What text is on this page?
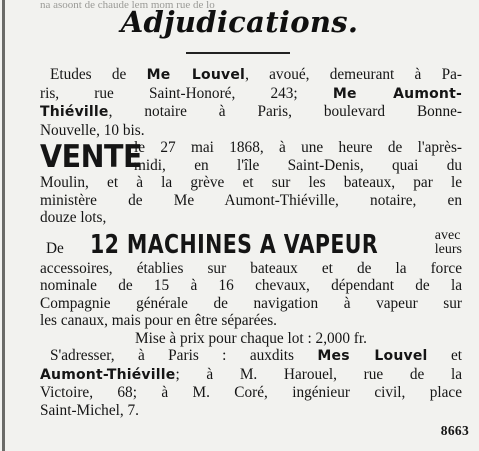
na asoont de chaude lem mom rue de lo
Adjudications.
Etudes de Me Louvel, avoué, demeurant à Pa-
ris, rue Saint-Honoré, 243; Me Aumont-
Thiéville, notaire à Paris, boulevard Bonne-
Nouvelle, 10 bis.
VENTE
le 27 mai 1868, à une heure de l'après-
midi, en l'île Saint-Denis, quai du
Moulin, et à la grève et sur les bateaux, par le
ministère de Me Aumont-Thiéville, notaire, en
douze lots,
De 12 MACHINES A VAPEUR	avec
leurs
accessoires, établies sur bateaux et de la force
nominale de 15 à 16 chevaux, dépendant de la
Compagnie générale de navigation à vapeur sur
les canaux, mais pour en être séparées.
Mise à prix pour chaque lot : 2,000 fr.
S'adresser, à Paris : auxdits Mes Louvel et
Aumont-Thiéville; à M. Harouel, rue de la
Victoire, 68; à M. Coré, ingénieur civil, place
Saint-Michel, 7.
8663
